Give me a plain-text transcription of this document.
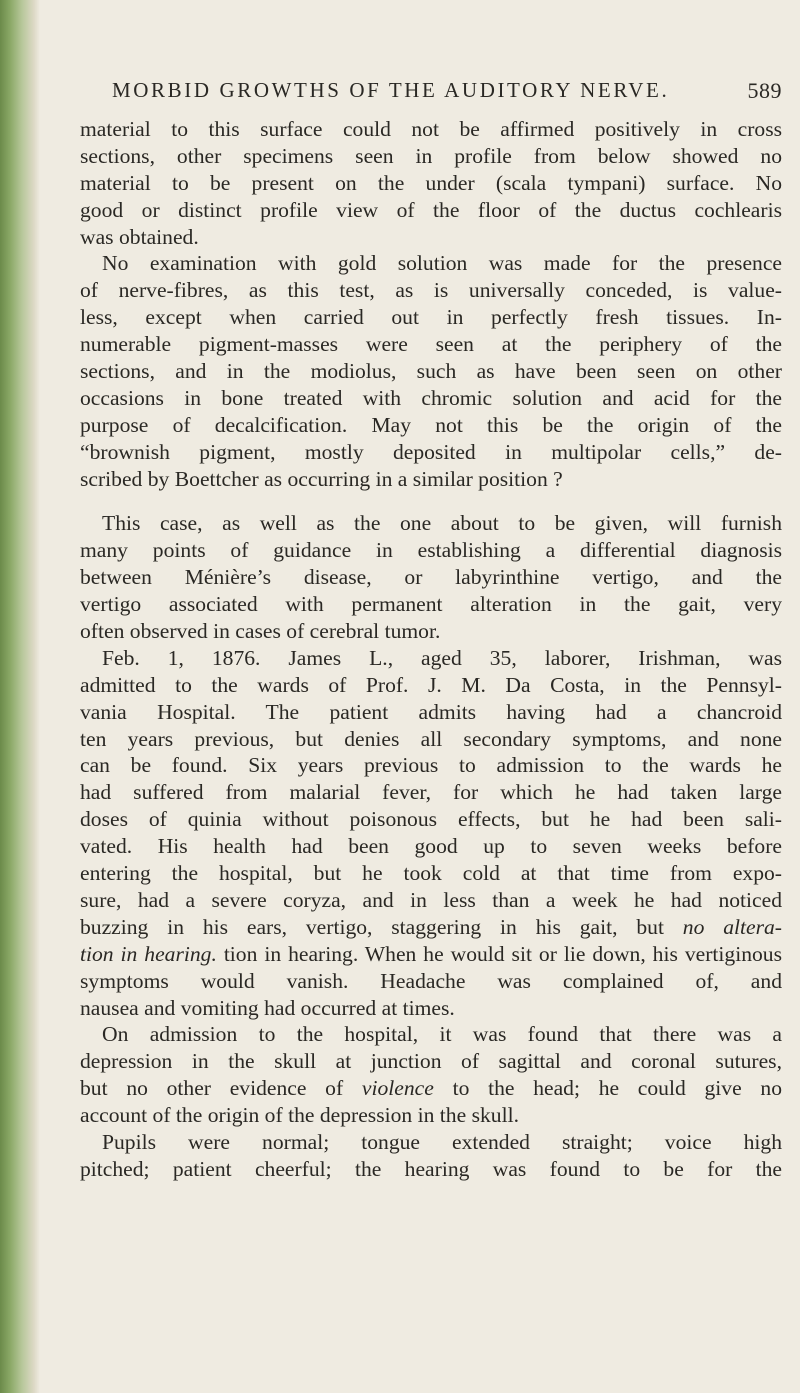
MORBID GROWTHS OF THE AUDITORY NERVE.	589
material to this surface could not be affirmed positively in cross
sections, other specimens seen in profile from below showed no
material to be present on the under (scala tympani) surface. No
good or distinct profile view of the floor of the ductus cochlearis
was obtained.
No examination with gold solution was made for the presence
of nerve-fibres, as this test, as is universally conceded, is value-
less, except when carried out in perfectly fresh tissues. In-
numerable pigment-masses were seen at the periphery of the
sections, and in the modiolus, such as have been seen on other
occasions in bone treated with chromic solution and acid for the
purpose of decalcification. May not this be the origin of the
“brownish pigment, mostly deposited in multipolar cells,” de-
scribed by Boettcher as occurring in a similar position ?
This case, as well as the one about to be given, will furnish
many points of guidance in establishing a differential diagnosis
between Ménière’s disease, or labyrinthine vertigo, and the
vertigo associated with permanent alteration in the gait, very
often observed in cases of cerebral tumor.
Feb. 1, 1876. James L., aged 35, laborer, Irishman, was
admitted to the wards of Prof. J. M. Da Costa, in the Pennsyl-
vania Hospital. The patient admits having had a chancroid
ten years previous, but denies all secondary symptoms, and none
can be found. Six years previous to admission to the wards he
had suffered from malarial fever, for which he had taken large
doses of quinia without poisonous effects, but he had been sali-
vated. His health had been good up to seven weeks before
entering the hospital, but he took cold at that time from expo-
sure, had a severe coryza, and in less than a week he had noticed
buzzing in his ears, vertigo, staggering in his gait, but no altera-
tion in hearing. tion in hearing. When he would sit or lie down, his vertiginous
symptoms would vanish. Headache was complained of, and
nausea and vomiting had occurred at times.
On admission to the hospital, it was found that there was a
depression in the skull at junction of sagittal and coronal sutures,
but no other evidence of violence to the head; he could give no
account of the origin of the depression in the skull.
Pupils were normal; tongue extended straight; voice high
pitched; patient cheerful; the hearing was found to be for the
